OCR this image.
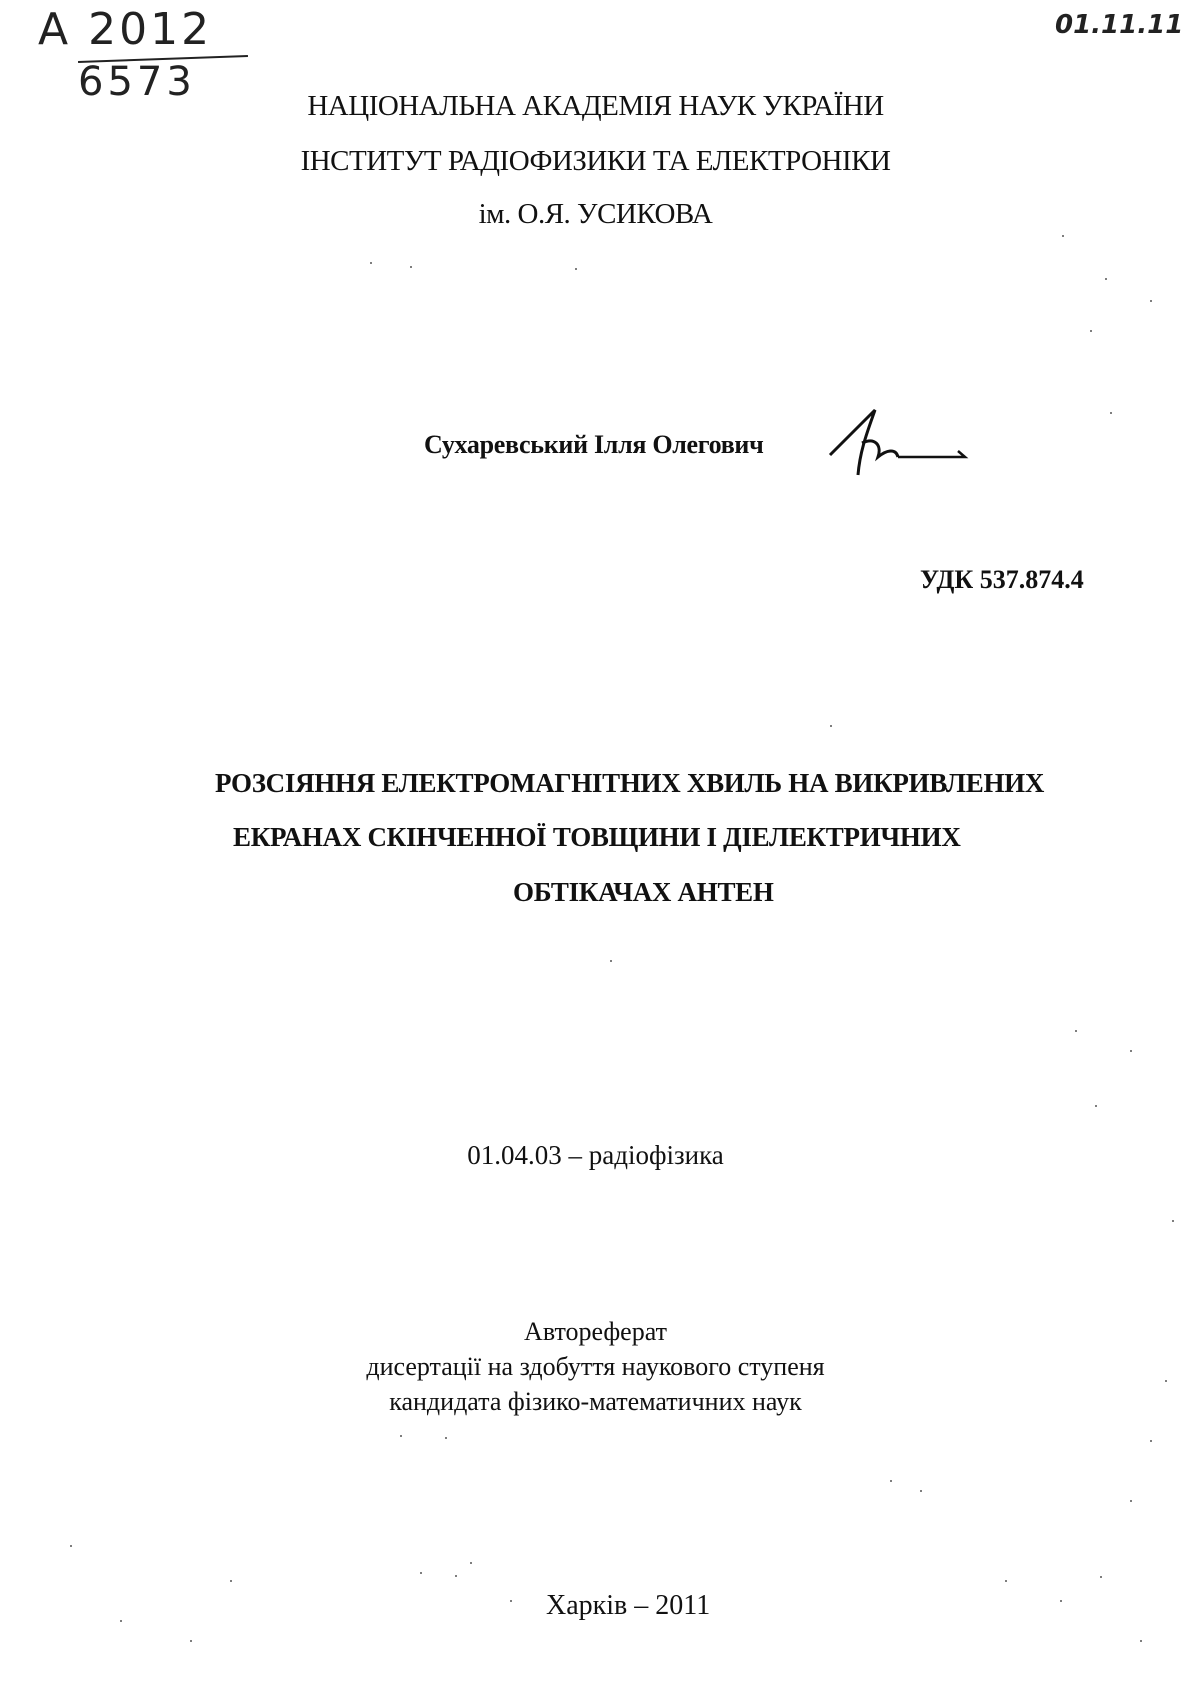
А 2012
6573
01.11.11
НАЦІОНАЛЬНА АКАДЕМІЯ НАУК УКРАЇНИ
ІНСТИТУТ РАДІОФИЗИКИ ТА ЕЛЕКТРОНІКИ
ім. О.Я. УСИКОВА
Сухаревський Ілля Олегович
УДК 537.874.4
РОЗСІЯННЯ ЕЛЕКТРОМАГНІТНИХ ХВИЛЬ НА ВИКРИВЛЕНИХ
ЕКРАНАХ СКІНЧЕННОЇ ТОВЩИНИ І ДІЕЛЕКТРИЧНИХ
ОБТІКАЧАХ АНТЕН
01.04.03 – радіофізика
Автореферат
дисертації на здобуття наукового ступеня
кандидата фізико-математичних наук
Харків – 2011
